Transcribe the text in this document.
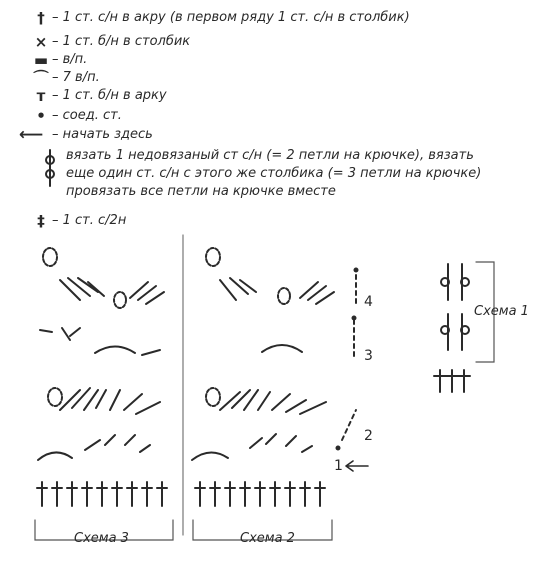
† – 1 ст. с/н в акру (в первом ряду 1 ст. с/н в столбик)
× – 1 ст. б/н в столбик
▬ – в/п.
⌒ – 7 в/п.
т – 1 ст. б/н в арку
• – соед. ст.
⟵ – начать здесь
вязать 1 недовязаный ст с/н (= 2 петли на крючке), вязать
еще один ст. с/н с этого же столбика (= 3 петли на крючке)
провязать все петли на крючке вместе
‡ – 1 ст. с/2н
Схема 3	Схема 2
Схема 1
4
3
2
1
